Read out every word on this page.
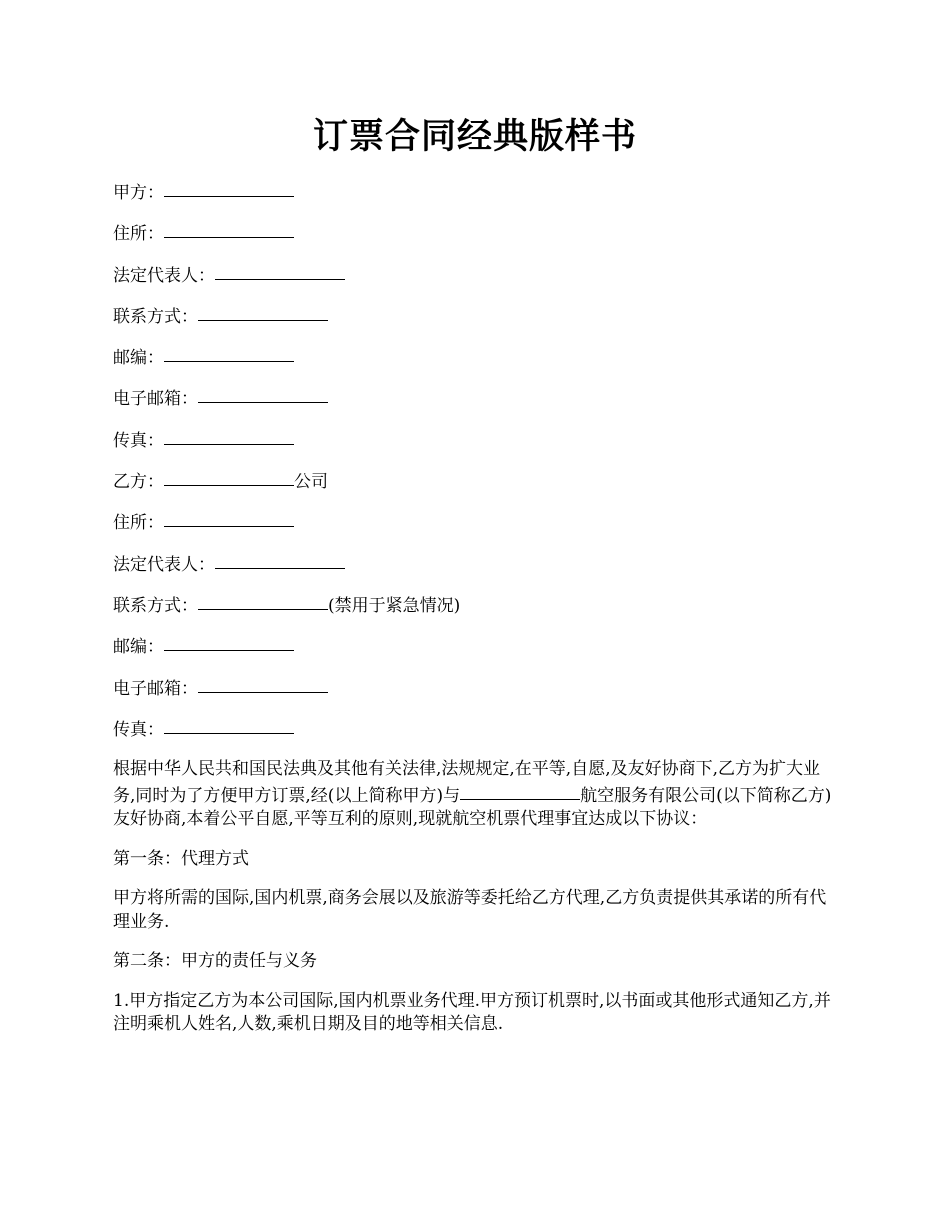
订票合同经典版样书
甲方：
住所：
法定代表人：
联系方式：
邮编：
电子邮箱：
传真：
乙方：	公司
住所：
法定代表人：
联系方式：	(禁用于紧急情况)
邮编：
电子邮箱：
传真：

根据中华人民共和国民法典及其他有关法律,法规规定,在平等,自愿,及友好协商下,乙方为扩大业务,同时为了方便甲方订票,经(以上简称甲方)与	航空服务有限公司(以下简称乙方)友好协商,本着公平自愿,平等互利的原则,现就航空机票代理事宜达成以下协议：

第一条：代理方式

甲方将所需的国际,国内机票,商务会展以及旅游等委托给乙方代理,乙方负责提供其承诺的所有代理业务.

第二条：甲方的责任与义务

1.甲方指定乙方为本公司国际,国内机票业务代理.甲方预订机票时,以书面或其他形式通知乙方,并注明乘机人姓名,人数,乘机日期及目的地等相关信息.
